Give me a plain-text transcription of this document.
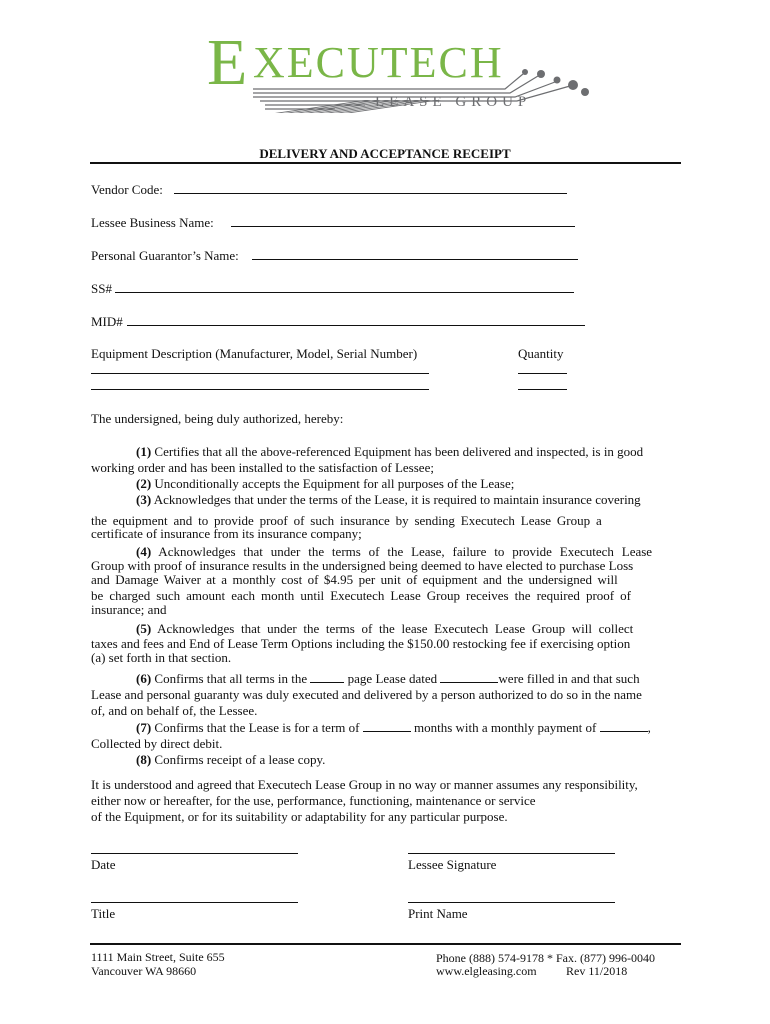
E XECUTECH
LEASE GROUP
DELIVERY AND ACCEPTANCE RECEIPT
Vendor Code:
Lessee Business Name:
Personal Guarantor’s Name:
SS#
MID#
Equipment Description (Manufacturer, Model, Serial Number)	Quantity
The undersigned, being duly authorized, hereby:
(1) Certifies that all the above-referenced Equipment has been delivered and inspected, is in good
working order and has been installed to the satisfaction of Lessee;
(2) Unconditionally accepts the Equipment for all purposes of the Lease;
(3) Acknowledges that under the terms of the Lease, it is required to maintain insurance covering
the equipment and to provide proof of such insurance by sending Executech Lease Group a
certificate of insurance from its insurance company;
(4) Acknowledges that under the terms of the Lease, failure to provide Executech Lease
Group with proof of insurance results in the undersigned being deemed to have elected to purchase Loss
and Damage Waiver at a monthly cost of $4.95 per unit of equipment and the undersigned will
be charged such amount each month until Executech Lease Group receives the required proof of
insurance; and
(5) Acknowledges that under the terms of the lease Executech Lease Group will collect
taxes and fees and End of Lease Term Options including the $150.00 restocking fee if exercising option
(a) set forth in that section.
(6) Confirms that all terms in the	page Lease dated	were filled in and that such
Lease and personal guaranty was duly executed and delivered by a person authorized to do so in the name
of, and on behalf of, the Lessee.
(7) Confirms that the Lease is for a term of	months with a monthly payment of	,
Collected by direct debit.
(8) Confirms receipt of a lease copy.
It is understood and agreed that Executech Lease Group in no way or manner assumes any responsibility,
either now or hereafter, for the use, performance, functioning, maintenance or service
of the Equipment, or for its suitability or adaptability for any particular purpose.
Date	Lessee Signature
Title	Print Name
1111 Main Street, Suite 655
Vancouver WA 98660
Phone (888) 574-9178 * Fax. (877) 996-0040
www.elgleasing.com Rev 11/2018
